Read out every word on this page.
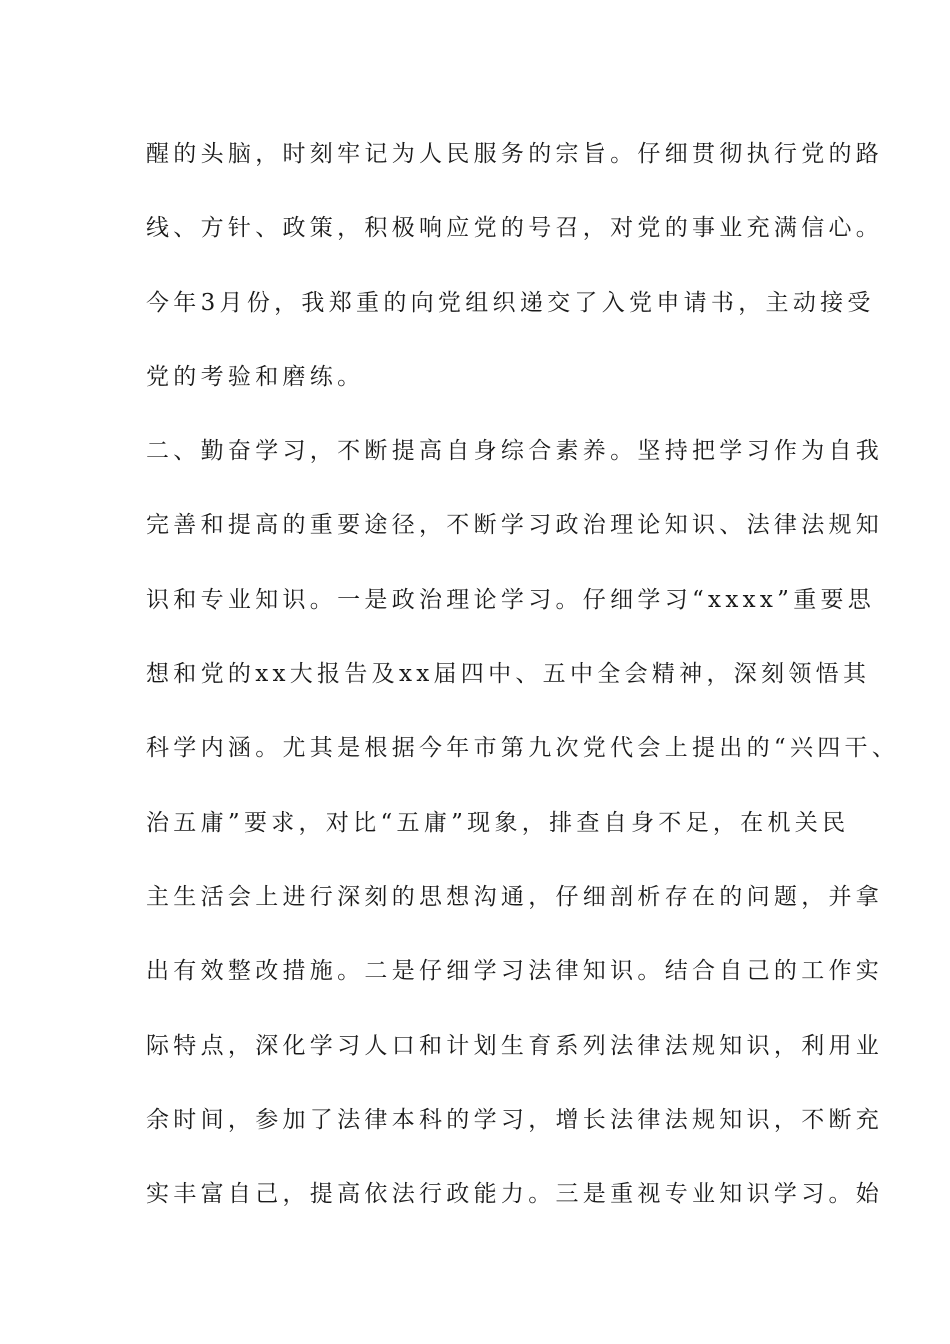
醒的头脑，时刻牢记为人民服务的宗旨。仔细贯彻执行党的路
线、方针、政策，积极响应党的号召，对党的事业充满信心。
今年3月份，我郑重的向党组织递交了入党申请书，主动接受
党的考验和磨练。
二、勤奋学习，不断提高自身综合素养。坚持把学习作为自我
完善和提高的重要途径，不断学习政治理论知识、法律法规知
识和专业知识。一是政治理论学习。仔细学习“xxxx”重要思
想和党的xx大报告及xx届四中、五中全会精神，深刻领悟其
科学内涵。尤其是根据今年市第九次党代会上提出的“兴四干、
治五庸”要求，对比“五庸”现象，排查自身不足，在机关民
主生活会上进行深刻的思想沟通，仔细剖析存在的问题，并拿
出有效整改措施。二是仔细学习法律知识。结合自己的工作实
际特点，深化学习人口和计划生育系列法律法规知识，利用业
余时间，参加了法律本科的学习，增长法律法规知识，不断充
实丰富自己，提高依法行政能力。三是重视专业知识学习。始
